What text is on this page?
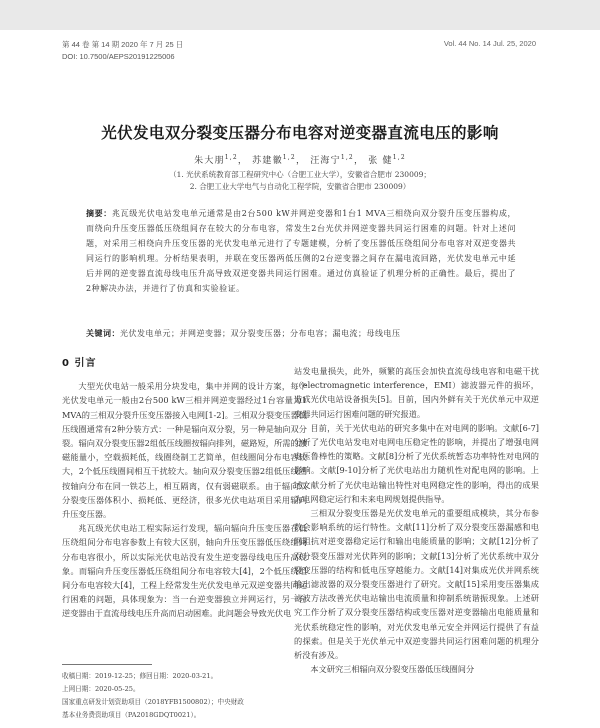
第 44 卷 第 14 期 2020 年 7 月 25 日	Vol. 44 No. 14 Jul. 25, 2020
DOI: 10.7500/AEPS20191225006
光伏发电双分裂变压器分布电容对逆变器直流电压的影响
朱大朋$^{1,2}$， 苏建徽$^{1,2}$， 汪海宁$^{1,2}$， 张 健$^{1,2}$
（1. 光伏系统教育部工程研究中心（合肥工业大学），安徽省合肥市 230009；
2. 合肥工业大学电气与自动化工程学院，安徽省合肥市 230009）
摘要：兆瓦级光伏电站发电单元通常是由2台500 kW并网逆变器和1台1 MVA三相绕向双分裂升压变压器构成，而绕向升压变压器低压绕组间存在较大的分布电容，常发生2台光伏并网逆变器共同运行困难的问题。针对上述问题，对采用三相绕向升压变压器的光伏发电单元进行了专题建模，分析了变压器低压绕组间分布电容对双逆变器共同运行的影响机理。分析结果表明，并联在变压器两低压侧的2台逆变器之间存在漏电流回路，光伏发电单元中延后并网的逆变器直流母线电压升高导致双逆变器共同运行困难。通过仿真验证了机理分析的正确性。最后，提出了2种解决办法，并进行了仿真和实验验证。
关键词：光伏发电单元；并网逆变器；双分裂变压器；分布电容；漏电流；母线电压
0 引言

大型光伏电站一般采用分块发电，集中并网的设计方案，每个光伏发电单元一般由2台500 kW三相并网逆变器经过1台容量为1 MVA的三相双分裂升压变压器接入电网[1-2]。三相双分裂变压器低压线圈通常有2种分装方式：一种是辐向双分裂，另一种是轴向双分裂。辐向双分裂变压器2组低压线圈按辐向排列，磁路短，所需的激磁能量小，空载损耗低，线圈绕制工艺简单，但线圈间分布电容较大，2个低压线圈间相互干扰较大。轴向双分裂变压器2组低压线圈按轴向分布在同一铁芯上，相互隔离，仅有弱磁联系。由于辐向双分裂变压器体积小、损耗低、更经济，很多光伏电站项目采用辐向升压变压器。

兆瓦级光伏电站工程实际运行发现，辐向辐向升压变压器在低压绕组间分布电容参数上有较大区别，轴向升压变压器低压绕组间分布电容很小，所以实际光伏电站没有发生逆变器母线电压升高现象。而辐向升压变压器低压绕组间分布电容较大[4]，2个低压绕组间分布电容较大[4]，工程上经常发生光伏发电单元双逆变器共同运行困难的问题，具体现象为：当一台逆变器独立并网运行，另一台逆变器由于直流母线电压升高而启动困难。此问题会导致光伏电

站发电量损失，此外，频繁的高压会加快直流母线电容和电磁干扰（electromagnetic interference，EMI）滤波器元件的损坏，造成光伏电站设备损失[5]。目前，国内外鲜有关于光伏单元中双逆变器共同运行困难问题的研究报道。

目前，关于光伏电站的研究多集中在对电网的影响。文献[6-7]分析了光伏电站发电对电网电压稳定性的影响，并提出了增强电网电压鲁棒性的策略。文献[8]分析了光伏系统暂态功率特性对电网的影响。文献[9-10]分析了光伏电站出力随机性对配电网的影响。上述文献分析了光伏电站输出特性对电网稳定性的影响，得出的成果为电网稳定运行和未来电网规划提供指导。

三相双分裂变压器是光伏发电单元的重要组成模块，其分布参数会影响系统的运行特性。文献[11]分析了双分裂变压器漏感和电网阻抗对逆变器稳定运行和输出电能质量的影响；文献[12]分析了双分裂变压器对光伏阵列的影响；文献[13]分析了光伏系统中双分裂变压器的结构和低电压穿越能力。文献[14]对集成光伏并网系统输出滤波器的双分裂变压器进行了研究。文献[15]采用变压器集成滤波方法改善光伏电站输出电流质量和抑制系统谐振现象。上述研究工作分析了双分裂变压器结构或变压器对逆变器输出电能质量和光伏系统稳定性的影响，对光伏发电单元安全并网运行提供了有益的探索。但是关于光伏单元中双逆变器共同运行困难问题的机理分析没有涉及。

本文研究三相辐向双分裂变压器低压线圈间分

收稿日期：2019-12-25；修回日期：2020-03-21。
上网日期：2020-05-25。
国家重点研发计划资助项目（2018YFB1500802）；中央财政
基本业务费资助项目（PA2018GDQT0021）。
